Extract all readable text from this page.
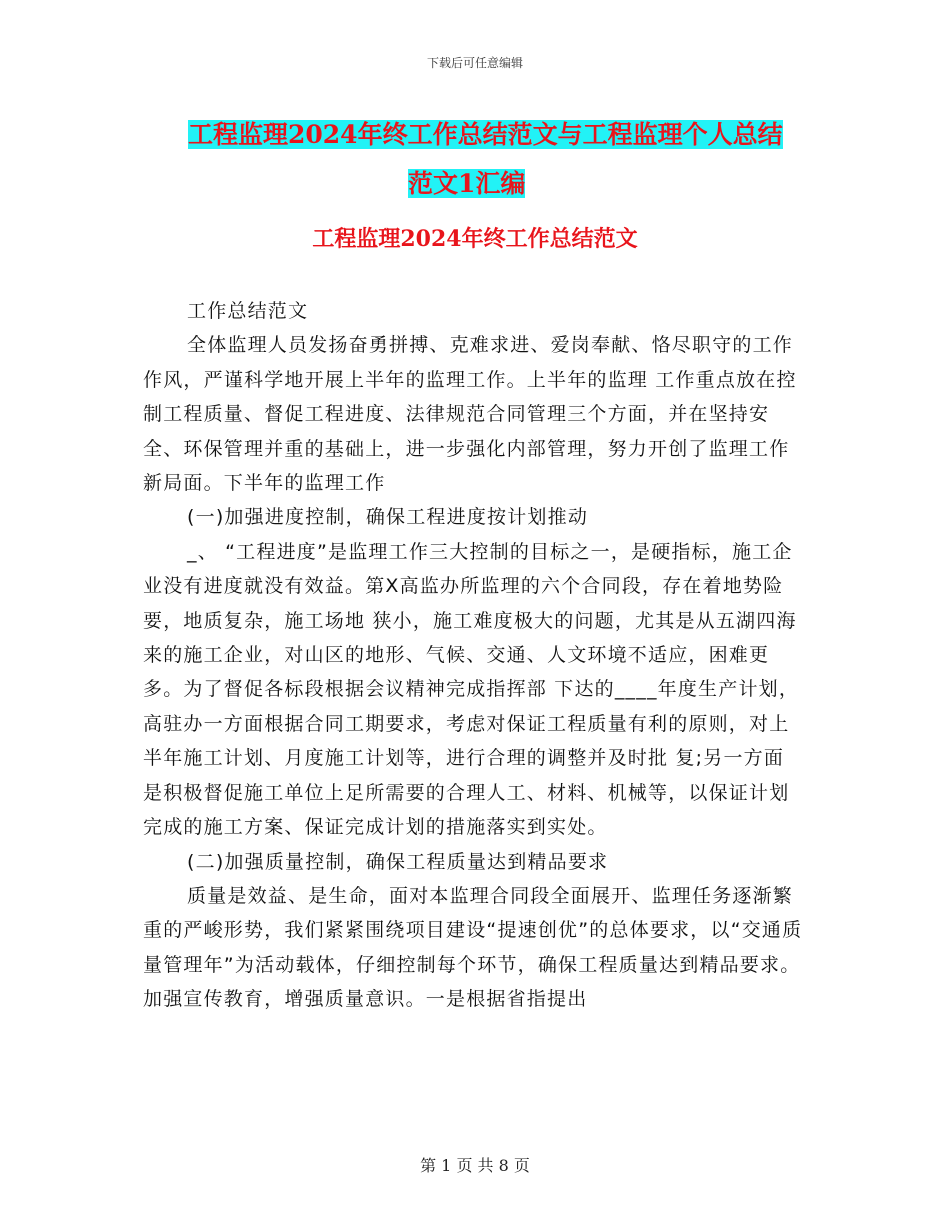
下载后可任意编辑
工程监理2024年终工作总结范文与工程监理个人总结
范文1汇编
工程监理2024年终工作总结范文

工作总结范文

全体监理人员发扬奋勇拼搏、克难求进、爱岗奉献、恪尽职守的工作作风，严谨科学地开展上半年的监理工作。上半年的监理 工作重点放在控制工程质量、督促工程进度、法律规范合同管理三个方面，并在坚持安全、环保管理并重的基础上，进一步强化内部管理，努力开创了监理工作新局面。下半年的监理工作

(一)加强进度控制，确保工程进度按计划推动

_、 “工程进度”是监理工作三大控制的目标之一，是硬指标，施工企业没有进度就没有效益。第X高监办所监理的六个合同段，存在着地势险要，地质复杂，施工场地 狭小，施工难度极大的问题，尤其是从五湖四海来的施工企业，对山区的地形、气候、交通、人文环境不适应，困难更多。为了督促各标段根据会议精神完成指挥部 下达的____年度生产计划，高驻办一方面根据合同工期要求，考虑对保证工程质量有利的原则，对上半年施工计划、月度施工计划等，进行合理的调整并及时批 复;另一方面是积极督促施工单位上足所需要的合理人工、材料、机械等，以保证计划完成的施工方案、保证完成计划的措施落实到实处。

(二)加强质量控制，确保工程质量达到精品要求

质量是效益、是生命，面对本监理合同段全面展开、监理任务逐渐繁重的严峻形势，我们紧紧围绕项目建设“提速创优”的总体要求，以“交通质量管理年”为活动载体，仔细控制每个环节，确保工程质量达到精品要求。加强宣传教育，增强质量意识。一是根据省指提出

第 1 页 共 8 页
